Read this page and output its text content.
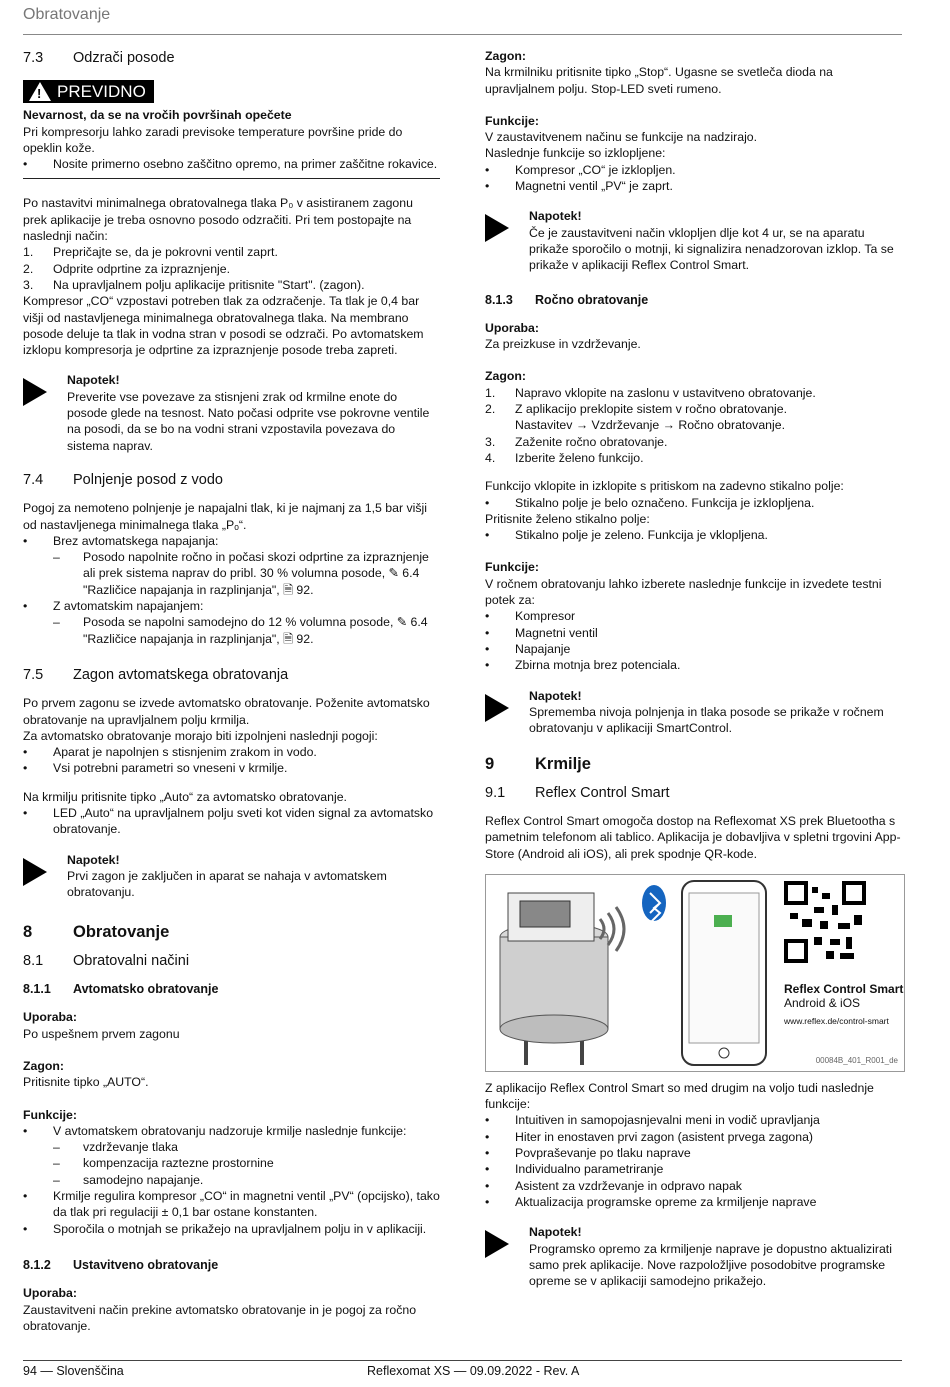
Obratovanje
7.3	Odzrači posode
! PREVIDNO

Nevarnost, da se na vročih površinah opečete

Pri kompresorju lahko zaradi previsoke temperature površine pride do opeklin kože.

•	Nosite primerno osebno zaščitno opremo, na primer zaščitne rokavice.

Po nastavitvi minimalnega obratovalnega tlaka P₀ v asistiranem zagonu prek aplikacije je treba osnovno posodo odzračiti. Pri tem postopajte na naslednji način:

1.	Prepričajte se, da je pokrovni ventil zaprt.
2.	Odprite odprtine za izpraznjenje.
3.	Na upravljalnem polju aplikacije pritisnite "Start". (zagon).

Kompresor „CO“ vzpostavi potreben tlak za odzračenje. Ta tlak je 0,4 bar višji od nastavljenega minimalnega obratovalnega tlaka. Na membrano posode deluje ta tlak in vodna stran v posodi se odzrači. Po avtomatskem izklopu kompresorja je odprtine za izpraznjenje posode treba zapreti.

Napotek!

Preverite vse povezave za stisnjeni zrak od krmilne enote do posode glede na tesnost. Nato počasi odprite vse pokrovne ventile na posodi, da se bo na vodni strani vzpostavila povezava do sistema naprav.

7.4	Polnjenje posod z vodo

Pogoj za nemoteno polnjenje je napajalni tlak, ki je najmanj za 1,5 bar višji od nastavljenega minimalnega tlaka „Pₒ“.

•	Brez avtomatskega napajanja:
–	Posodo napolnite ročno in počasi skozi odprtine za izpraznjenje ali prek sistema naprav do pribl. 30 % volumna posode, ✎ 6.4 "Različice napajanja in razplinjanja", 🗎 92.
•	Z avtomatskim napajanjem:
–	Posoda se napolni samodejno do 12 % volumna posode, ✎ 6.4 "Različice napajanja in razplinjanja", 🗎 92.
7.5	Zagon avtomatskega obratovanja

Po prvem zagonu se izvede avtomatsko obratovanje. Poženite avtomatsko obratovanje na upravljalnem polju krmilja.

Za avtomatsko obratovanje morajo biti izpolnjeni naslednji pogoji:

•	Aparat je napolnjen s stisnjenim zrakom in vodo.
•	Vsi potrebni parametri so vneseni v krmilje.

Na krmilju pritisnite tipko „Auto“ za avtomatsko obratovanje.

•	LED „Auto“ na upravljalnem polju sveti kot viden signal za avtomatsko obratovanje.

Napotek!

Prvi zagon je zaključen in aparat se nahaja v avtomatskem obratovanju.

8	Obratovanje
8.1	Obratovalni načini
8.1.1	Avtomatsko obratovanje

Uporaba:

Po uspešnem prvem zagonu

Zagon:

Pritisnite tipko „AUTO“.

Funkcije:

•	V avtomatskem obratovanju nadzoruje krmilje naslednje funkcije:
–	vzdrževanje tlaka
–	kompenzacija raztezne prostornine
–	samodejno napajanje.
•	Krmilje regulira kompresor „CO“ in magnetni ventil „PV“ (opcijsko), tako da tlak pri regulaciji ± 0,1 bar ostane konstanten.
•	Sporočila o motnjah se prikažejo na upravljalnem polju in v aplikaciji.
8.1.2	Ustavitveno obratovanje

Uporaba:

Zaustavitveni način prekine avtomatsko obratovanje in je pogoj za ročno obratovanje.

Zagon:

Na krmilniku pritisnite tipko „Stop“. Ugasne se svetleča dioda na upravljalnem polju. Stop-LED sveti rumeno.

Funkcije:

V zaustavitvenem načinu se funkcije na nadzirajo.

Naslednje funkcije so izklopljene:

•	Kompresor „CO“ je izklopljen.
•	Magnetni ventil „PV“ je zaprt.

Napotek!

Če je zaustavitveni način vklopljen dlje kot 4 ur, se na aparatu prikaže sporočilo o motnji, ki signalizira nenadzorovan izklop. Ta se prikaže v aplikaciji Reflex Control Smart.

8.1.3	Ročno obratovanje

Uporaba:

Za preizkuse in vzdrževanje.

Zagon:

1.	Napravo vklopite na zaslonu v ustavitveno obratovanje.
2.	Z aplikacijo preklopite sistem v ročno obratovanje.
Nastavitev → Vzdrževanje → Ročno obratovanje.
3.	Zaženite ročno obratovanje.
4.	Izberite želeno funkcijo.

Funkcijo vklopite in izklopite s pritiskom na zadevno stikalno polje:

•	Stikalno polje je belo označeno. Funkcija je izklopljena.

Pritisnite želeno stikalno polje:

•	Stikalno polje je zeleno. Funkcija je vklopljena.

Funkcije:

V ročnem obratovanju lahko izberete naslednje funkcije in izvedete testni potek za:

•	Kompresor
•	Magnetni ventil
•	Napajanje
•	Zbirna motnja brez potenciala.

Napotek!

Sprememba nivoja polnjenja in tlaka posode se prikaže v ročnem obratovanju v aplikaciji SmartControl.

9	Krmilje
9.1	Reflex Control Smart

Reflex Control Smart omogoča dostop na Reflexomat XS prek Bluetootha s pametnim telefonom ali tablico. Aplikacija je dobavljiva v spletni trgovini App-Store (Android ali iOS), ali prek spodnje QR-kode.

Reflex Control Smart
Android & iOS
www.reflex.de/control-smart
00084B_401_R001_de

Z aplikacijo Reflex Control Smart so med drugim na voljo tudi naslednje funkcije:

•	Intuitiven in samopojasnjevalni meni in vodič upravljanja
•	Hiter in enostaven prvi zagon (asistent prvega zagona)
•	Povpraševanje po tlaku naprave
•	Individualno parametriranje
•	Asistent za vzdrževanje in odpravo napak
•	Aktualizacija programske opreme za krmiljenje naprave

Napotek!

Programsko opremo za krmiljenje naprave je dopustno aktualizirati samo prek aplikacije. Nove razpoložljive posodobitve programske opreme se v aplikaciji samodejno prikažejo.

94 — Slovenščina	Reflexomat XS — 09.09.2022 - Rev. A
